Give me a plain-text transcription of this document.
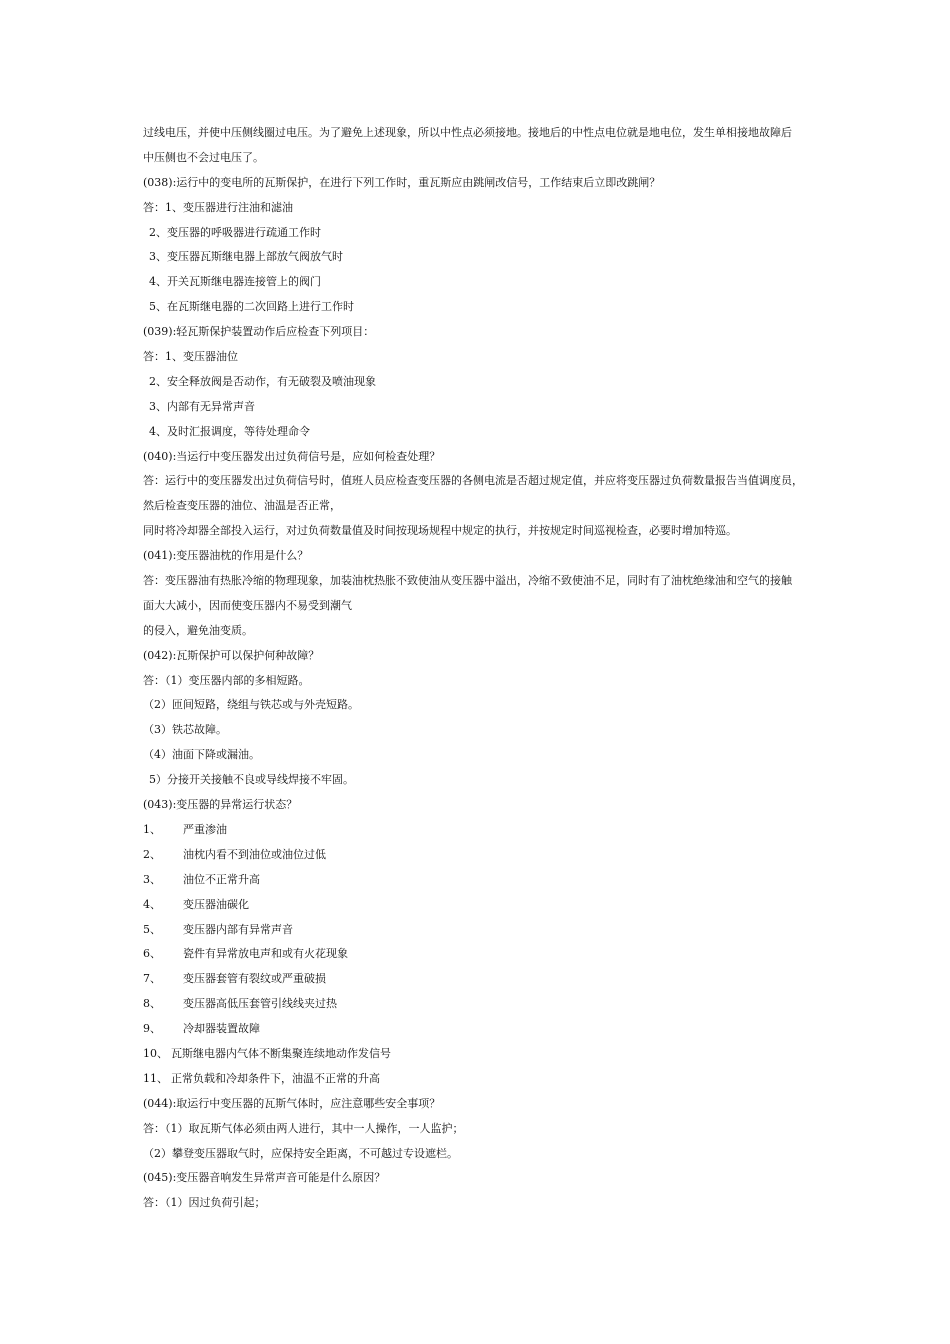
过线电压，并使中压侧线圈过电压。为了避免上述现象，所以中性点必须接地。接地后的中性点电位就是地电位，发生单相接地故障后
中压侧也不会过电压了。
(038):运行中的变电所的瓦斯保护，在进行下列工作时，重瓦斯应由跳闸改信号，工作结束后立即改跳闸？
答：1、变压器进行注油和滤油
2、变压器的呼吸器进行疏通工作时
3、变压器瓦斯继电器上部放气阀放气时
4、开关瓦斯继电器连接管上的阀门
5、在瓦斯继电器的二次回路上进行工作时
(039):轻瓦斯保护装置动作后应检查下列项目：
答：1、变压器油位
2、安全释放阀是否动作，有无破裂及喷油现象
3、内部有无异常声音
4、及时汇报调度，等待处理命令
(040):当运行中变压器发出过负荷信号是，应如何检查处理？
答：运行中的变压器发出过负荷信号时，值班人员应检查变压器的各侧电流是否超过规定值，并应将变压器过负荷数量报告当值调度员，
然后检查变压器的油位、油温是否正常，
同时将冷却器全部投入运行，对过负荷数量值及时间按现场规程中规定的执行，并按规定时间巡视检查，必要时增加特巡。
(041):变压器油枕的作用是什么？
答：变压器油有热胀冷缩的物理现象，加装油枕热胀不致使油从变压器中溢出，冷缩不致使油不足，同时有了油枕绝缘油和空气的接触
面大大减小，因而使变压器内不易受到潮气
的侵入，避免油变质。
(042):瓦斯保护可以保护何种故障？
答：（1）变压器内部的多相短路。
（2）匝间短路，绕组与铁芯或与外壳短路。
（3）铁芯故障。
（4）油面下降或漏油。
5）分接开关接触不良或导线焊接不牢固。
(043):变压器的异常运行状态？
1、 严重渗油
2、 油枕内看不到油位或油位过低
3、 油位不正常升高
4、 变压器油碳化
5、 变压器内部有异常声音
6、 瓷件有异常放电声和或有火花现象
7、 变压器套管有裂纹或严重破损
8、 变压器高低压套管引线线夹过热
9、 冷却器装置故障
10、 瓦斯继电器内气体不断集聚连续地动作发信号
11、 正常负载和冷却条件下，油温不正常的升高
(044):取运行中变压器的瓦斯气体时，应注意哪些安全事项？
答：（1）取瓦斯气体必须由两人进行，其中一人操作，一人监护；
（2）攀登变压器取气时，应保持安全距离，不可越过专设遮栏。
(045):变压器音响发生异常声音可能是什么原因？
答：（1）因过负荷引起；
